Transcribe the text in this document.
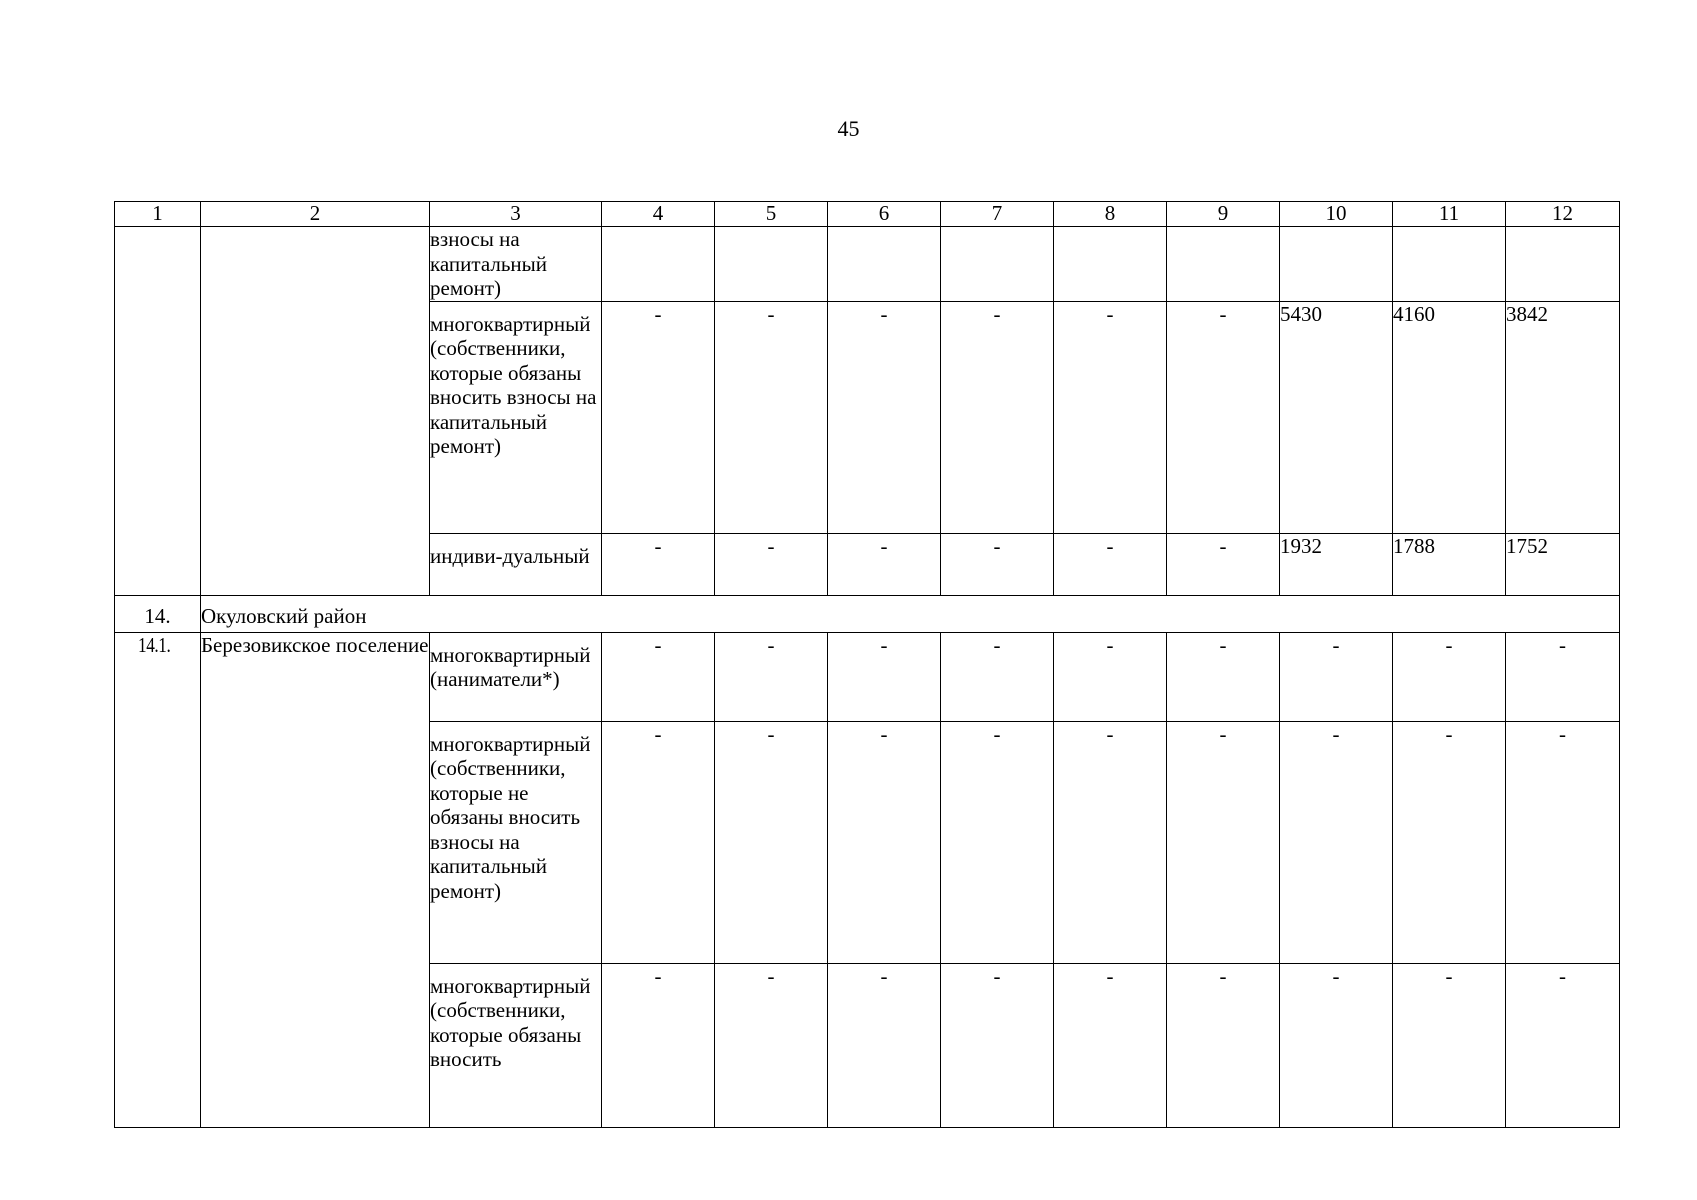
45
1	2	3	4	5	6	7	8	9	10	11	12
		взносы на капитальный ремонт)									
		многоквартирный (собственники, которые обязаны вносить взносы на капитальный ремонт)	-	-	-	-	-	-	5430	4160	3842
		индиви-дуальный	-	-	-	-	-	-	1932	1788	1752
14.	Окуловский район										
14.1.	Березовикское поселение	многоквартирный (наниматели*)	-	-	-	-	-	-	-	-	-
		многоквартирный (собственники, которые не обязаны вносить взносы на капитальный ремонт)	-	-	-	-	-	-	-	-	-
		многоквартирный (собственники, которые обязаны вносить	-	-	-	-	-	-	-	-	-
